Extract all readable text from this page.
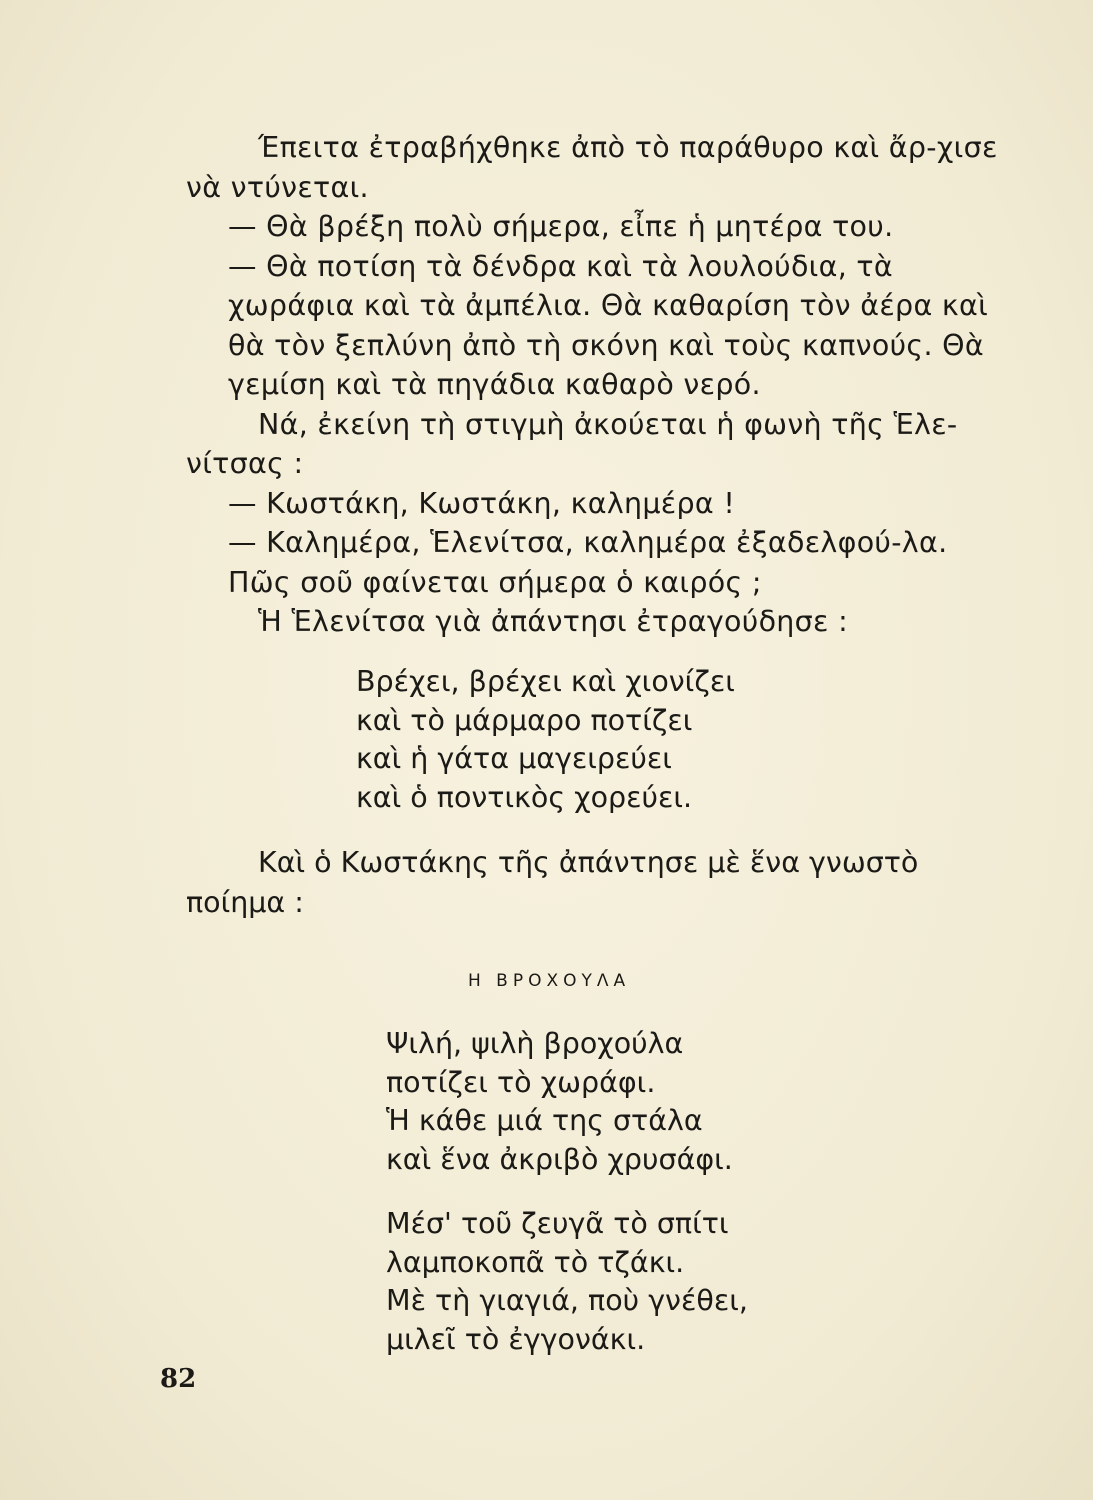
Έπειτα ἐτραβήχθηκε ἀπὸ τὸ παράθυρο καὶ ἄρ-χισε νὰ ντύνεται.

— Θὰ βρέξη πολὺ σήμερα, εἶπε ἡ μητέρα του.

— Θὰ ποτίση τὰ δένδρα καὶ τὰ λουλούδια, τὰ χωράφια καὶ τὰ ἀμπέλια. Θὰ καθαρίση τὸν ἀέρα καὶ θὰ τὸν ξεπλύνη ἀπὸ τὴ σκόνη καὶ τοὺς καπνούς. Θὰ γεμίση καὶ τὰ πηγάδια καθαρὸ νερό.

Νά, ἐκείνη τὴ στιγμὴ ἀκούεται ἡ φωνὴ τῆς Ἑλε-νίτσας :

— Κωστάκη, Κωστάκη, καλημέρα !

— Καλημέρα, Ἑλενίτσα, καλημέρα ἐξαδελφού-λα. Πῶς σοῦ φαίνεται σήμερα ὁ καιρός ;

Ἡ Ἑλενίτσα γιὰ ἀπάντησι ἐτραγούδησε :

Βρέχει, βρέχει καὶ χιονίζει
καὶ τὸ μάρμαρο ποτίζει
καὶ ἡ γάτα μαγειρεύει
καὶ ὁ ποντικὸς χορεύει.

Καὶ ὁ Κωστάκης τῆς ἀπάντησε μὲ ἕνα γνωστὸ ποίημα :

Η ΒΡΟΧΟΥΛΑ
Ψιλή, ψιλὴ βροχούλα
ποτίζει τὸ χωράφι.
Ἡ κάθε μιά της στάλα
καὶ ἕνα ἀκριβὸ χρυσάφι.
Μέσ' τοῦ ζευγᾶ τὸ σπίτι
λαμποκοπᾶ τὸ τζάκι.
Μὲ τὴ γιαγιά, ποὺ γνέθει,
μιλεῖ τὸ ἐγγονάκι.
82
